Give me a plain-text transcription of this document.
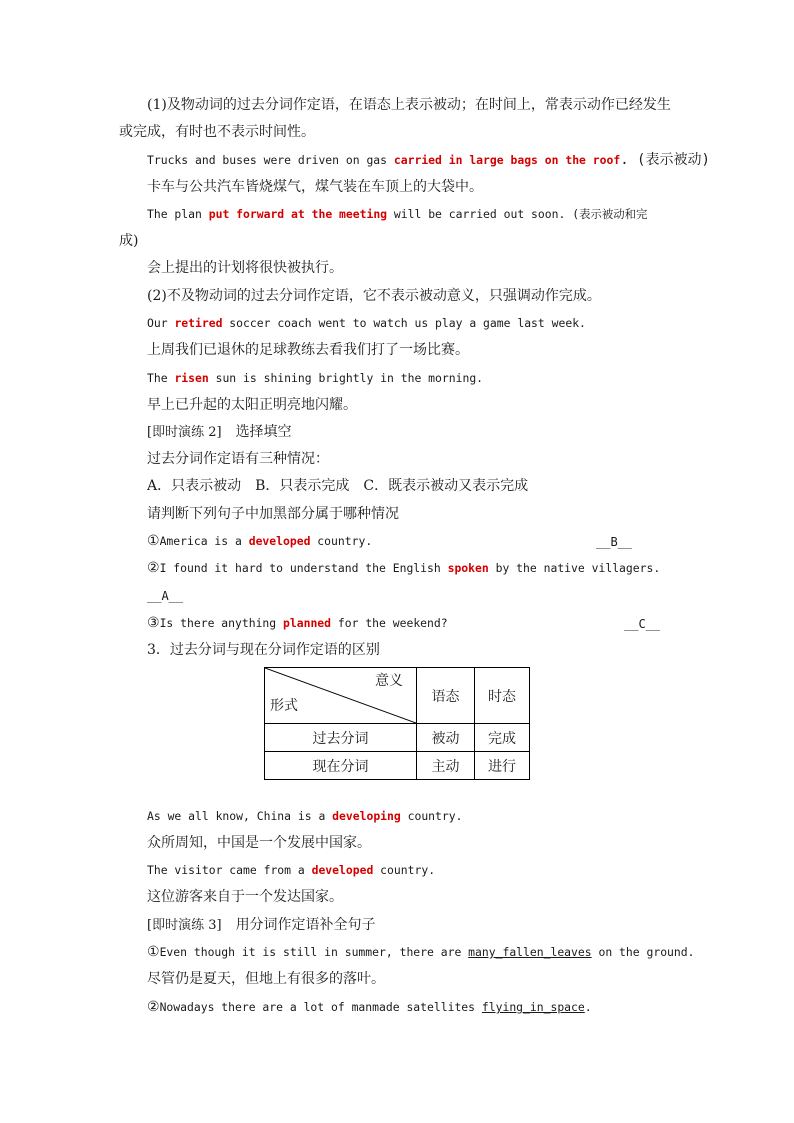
(1)及物动词的过去分词作定语，在语态上表示被动；在时间上，常表示动作已经发生
或完成，有时也不表示时间性。
Trucks and buses were driven on gas carried in large bags on the roof. (表示被动)
卡车与公共汽车皆烧煤气，煤气装在车顶上的大袋中。
The plan put forward at the meeting will be carried out soon. (表示被动和完
成)
会上提出的计划将很快被执行。
(2)不及物动词的过去分词作定语，它不表示被动意义，只强调动作完成。
Our retired soccer coach went to watch us play a game last week.
上周我们已退休的足球教练去看我们打了一场比赛。
The risen sun is shining brightly in the morning.
早上已升起的太阳正明亮地闪耀。
[即时演练 2]　 选择填空
过去分词作定语有三种情况：
A．只表示被动　B．只表示完成　C．既表示被动又表示完成
请判断下列句子中加黑部分属于哪种情况
①America is a developed country.	__B__
②I found it hard to understand the English spoken by the native villagers.
__A__
③Is there anything planned for the weekend?	__C__
3．过去分词与现在分词作定语的区别
意义
形式	语态	时态
过去分词	被动	完成
现在分词	主动	进行
As we all know, China is a developing country.
众所周知，中国是一个发展中国家。
The visitor came from a developed country.
这位游客来自于一个发达国家。
[即时演练 3]　 用分词作定语补全句子
①Even though it is still in summer, there are many_fallen_leaves on the ground.
尽管仍是夏天，但地上有很多的落叶。
②Nowadays there are a lot of manmade satellites flying_in_space.
